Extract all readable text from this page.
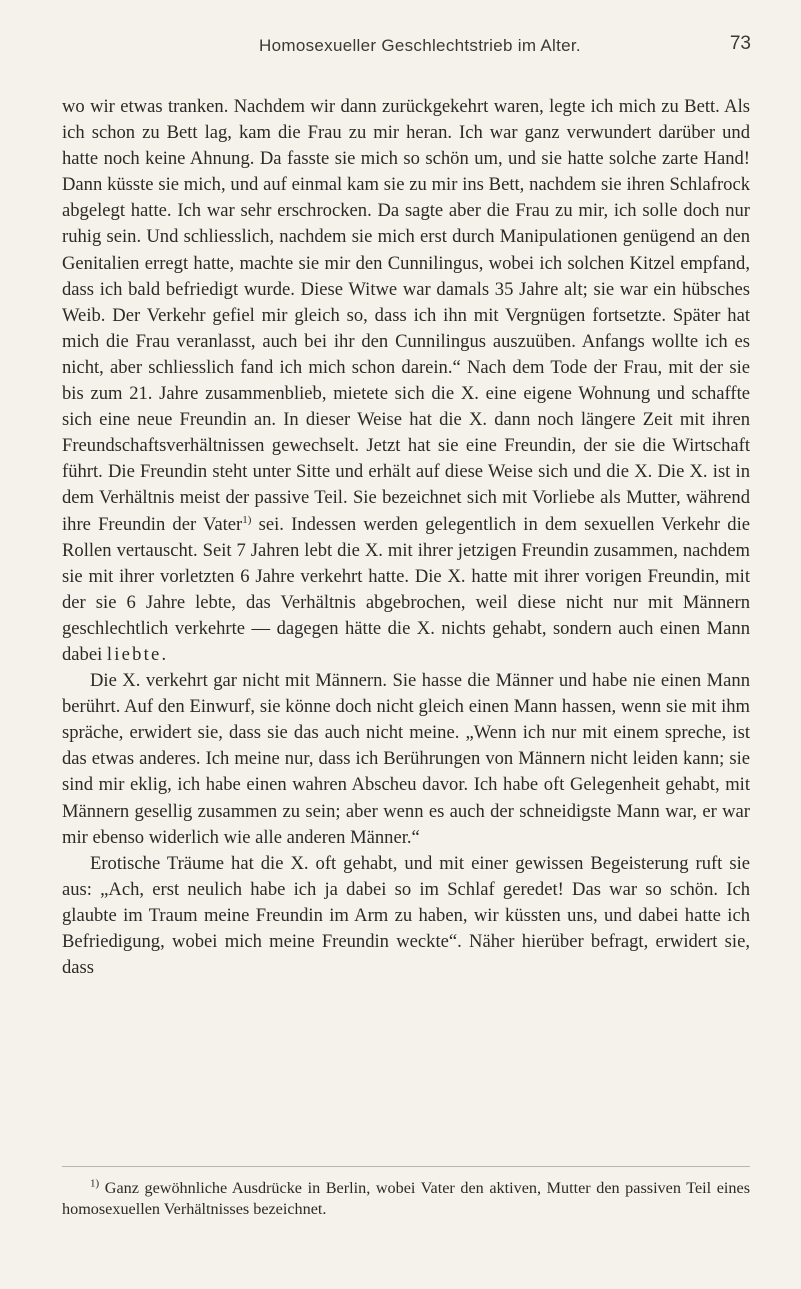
Homosexueller Geschlechtstrieb im Alter.	73

wo wir etwas tranken. Nachdem wir dann zurückgekehrt waren, legte ich mich zu Bett. Als ich schon zu Bett lag, kam die Frau zu mir heran. Ich war ganz verwundert darüber und hatte noch keine Ahnung. Da fasste sie mich so schön um, und sie hatte solche zarte Hand! Dann küsste sie mich, und auf einmal kam sie zu mir ins Bett, nachdem sie ihren Schlafrock abgelegt hatte. Ich war sehr erschrocken. Da sagte aber die Frau zu mir, ich solle doch nur ruhig sein. Und schliesslich, nachdem sie mich erst durch Manipulationen genügend an den Genitalien erregt hatte, machte sie mir den Cunnilingus, wobei ich solchen Kitzel empfand, dass ich bald befriedigt wurde. Diese Witwe war damals 35 Jahre alt; sie war ein hübsches Weib. Der Verkehr gefiel mir gleich so, dass ich ihn mit Vergnügen fortsetzte. Später hat mich die Frau veranlasst, auch bei ihr den Cunnilingus auszuüben. Anfangs wollte ich es nicht, aber schliesslich fand ich mich schon darein.“ Nach dem Tode der Frau, mit der sie bis zum 21. Jahre zusammenblieb, mietete sich die X. eine eigene Wohnung und schaffte sich eine neue Freundin an. In dieser Weise hat die X. dann noch längere Zeit mit ihren Freundschaftsverhältnissen gewechselt. Jetzt hat sie eine Freundin, der sie die Wirtschaft führt. Die Freundin steht unter Sitte und erhält auf diese Weise sich und die X. Die X. ist in dem Verhältnis meist der passive Teil. Sie bezeichnet sich mit Vorliebe als Mutter, während ihre Freundin der Vater$^{1)}$ sei. Indessen werden gelegentlich in dem sexuellen Verkehr die Rollen vertauscht. Seit 7 Jahren lebt die X. mit ihrer jetzigen Freundin zusammen, nachdem sie mit ihrer vorletzten 6 Jahre verkehrt hatte. Die X. hatte mit ihrer vorigen Freundin, mit der sie 6 Jahre lebte, das Verhältnis abgebrochen, weil diese nicht nur mit Männern geschlechtlich verkehrte — dagegen hätte die X. nichts gehabt, sondern auch einen Mann dabei liebte.

Die X. verkehrt gar nicht mit Männern. Sie hasse die Männer und habe nie einen Mann berührt. Auf den Einwurf, sie könne doch nicht gleich einen Mann hassen, wenn sie mit ihm spräche, erwidert sie, dass sie das auch nicht meine. „Wenn ich nur mit einem spreche, ist das etwas anderes. Ich meine nur, dass ich Berührungen von Männern nicht leiden kann; sie sind mir eklig, ich habe einen wahren Abscheu davor. Ich habe oft Gelegenheit gehabt, mit Männern gesellig zusammen zu sein; aber wenn es auch der schneidigste Mann war, er war mir ebenso widerlich wie alle anderen Männer.“

Erotische Träume hat die X. oft gehabt, und mit einer gewissen Begeisterung ruft sie aus: „Ach, erst neulich habe ich ja dabei so im Schlaf geredet! Das war so schön. Ich glaubte im Traum meine Freundin im Arm zu haben, wir küssten uns, und dabei hatte ich Befriedigung, wobei mich meine Freundin weckte“. Näher hierüber befragt, erwidert sie, dass

$^{1)}$ Ganz gewöhnliche Ausdrücke in Berlin, wobei Vater den aktiven, Mutter den passiven Teil eines homosexuellen Verhältnisses bezeichnet.
